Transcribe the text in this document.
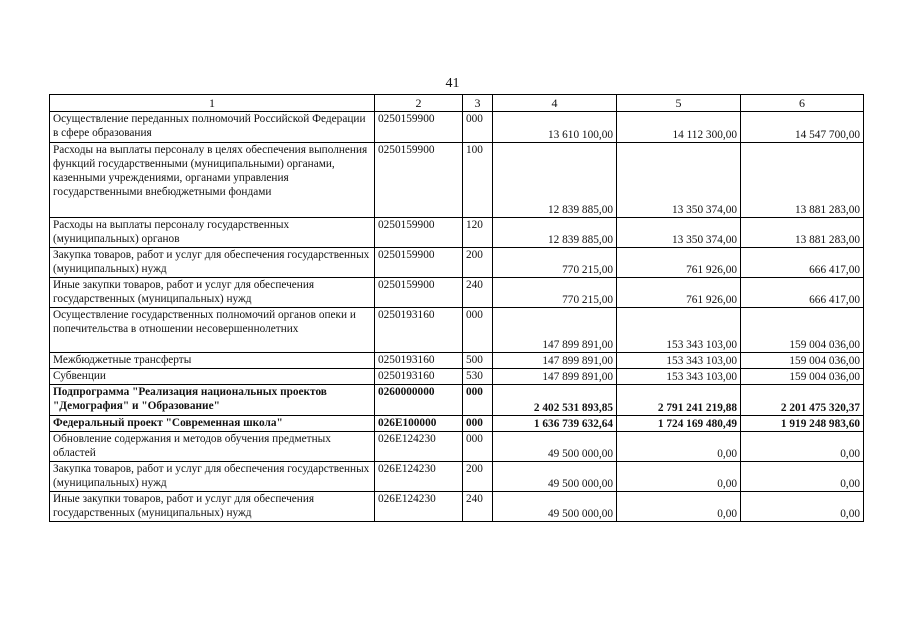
41
1	2	3	4	5	6
Осуществление переданных полномочий Российской Федерации в сфере образования	0250159900	000	13 610 100,00	14 112 300,00	14 547 700,00
Расходы на выплаты персоналу в целях обеспечения выполнения функций государственными (муниципальными) органами, казенными учреждениями, органами управления государственными внебюджетными фондами	0250159900	100	12 839 885,00	13 350 374,00	13 881 283,00
Расходы на выплаты персоналу государственных (муниципальных) органов	0250159900	120	12 839 885,00	13 350 374,00	13 881 283,00
Закупка товаров, работ и услуг для обеспечения государственных (муниципальных) нужд	0250159900	200	770 215,00	761 926,00	666 417,00
Иные закупки товаров, работ и услуг для обеспечения государственных (муниципальных) нужд	0250159900	240	770 215,00	761 926,00	666 417,00
Осуществление государственных полномочий органов опеки и попечительства в отношении несовершеннолетних	0250193160	000	147 899 891,00	153 343 103,00	159 004 036,00
Межбюджетные трансферты	0250193160	500	147 899 891,00	153 343 103,00	159 004 036,00
Субвенции	0250193160	530	147 899 891,00	153 343 103,00	159 004 036,00
Подпрограмма "Реализация национальных проектов "Демография" и "Образование"	0260000000	000	2 402 531 893,85	2 791 241 219,88	2 201 475 320,37
Федеральный проект "Современная школа"	026E100000	000	1 636 739 632,64	1 724 169 480,49	1 919 248 983,60
Обновление содержания и методов обучения предметных областей	026E124230	000	49 500 000,00	0,00	0,00
Закупка товаров, работ и услуг для обеспечения государственных (муниципальных) нужд	026E124230	200	49 500 000,00	0,00	0,00
Иные закупки товаров, работ и услуг для обеспечения государственных (муниципальных) нужд	026E124230	240	49 500 000,00	0,00	0,00
